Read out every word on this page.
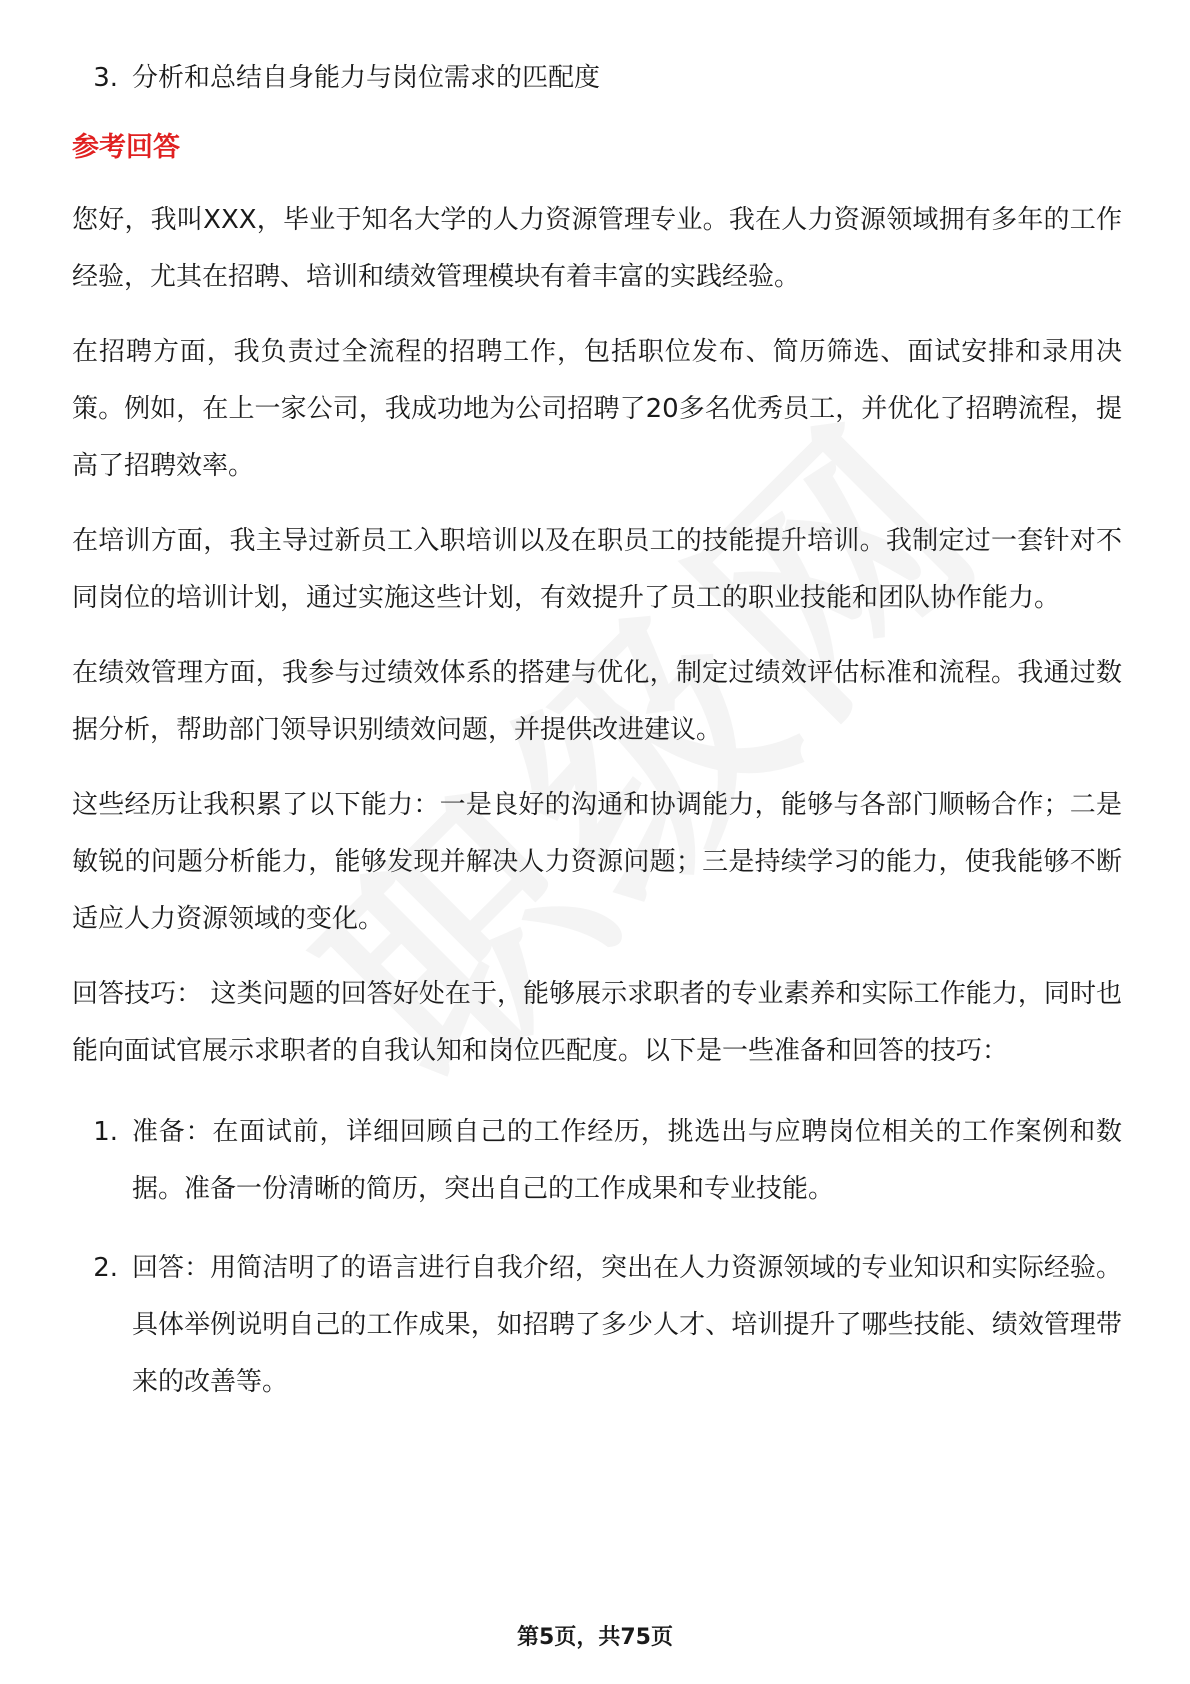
3. 分析和总结自身能力与岗位需求的匹配度
参考回答

您好，我叫XXX，毕业于知名大学的人力资源管理专业。我在人力资源领域拥有多年的工作经验，尤其在招聘、培训和绩效管理模块有着丰富的实践经验。

在招聘方面，我负责过全流程的招聘工作，包括职位发布、简历筛选、面试安排和录用决策。例如，在上一家公司，我成功地为公司招聘了20多名优秀员工，并优化了招聘流程，提高了招聘效率。

在培训方面，我主导过新员工入职培训以及在职员工的技能提升培训。我制定过一套针对不同岗位的培训计划，通过实施这些计划，有效提升了员工的职业技能和团队协作能力。

在绩效管理方面，我参与过绩效体系的搭建与优化，制定过绩效评估标准和流程。我通过数据分析，帮助部门领导识别绩效问题，并提供改进建议。

这些经历让我积累了以下能力：一是良好的沟通和协调能力，能够与各部门顺畅合作；二是敏锐的问题分析能力，能够发现并解决人力资源问题；三是持续学习的能力，使我能够不断适应人力资源领域的变化。

回答技巧： 这类问题的回答好处在于，能够展示求职者的专业素养和实际工作能力，同时也能向面试官展示求职者的自我认知和岗位匹配度。以下是一些准备和回答的技巧：

1. 准备：在面试前，详细回顾自己的工作经历，挑选出与应聘岗位相关的工作案例和数据。准备一份清晰的简历，突出自己的工作成果和专业技能。
2. 回答：用简洁明了的语言进行自我介绍，突出在人力资源领域的专业知识和实际经验。具体举例说明自己的工作成果，如招聘了多少人才、培训提升了哪些技能、绩效管理带来的改善等。
第5页，共75页
